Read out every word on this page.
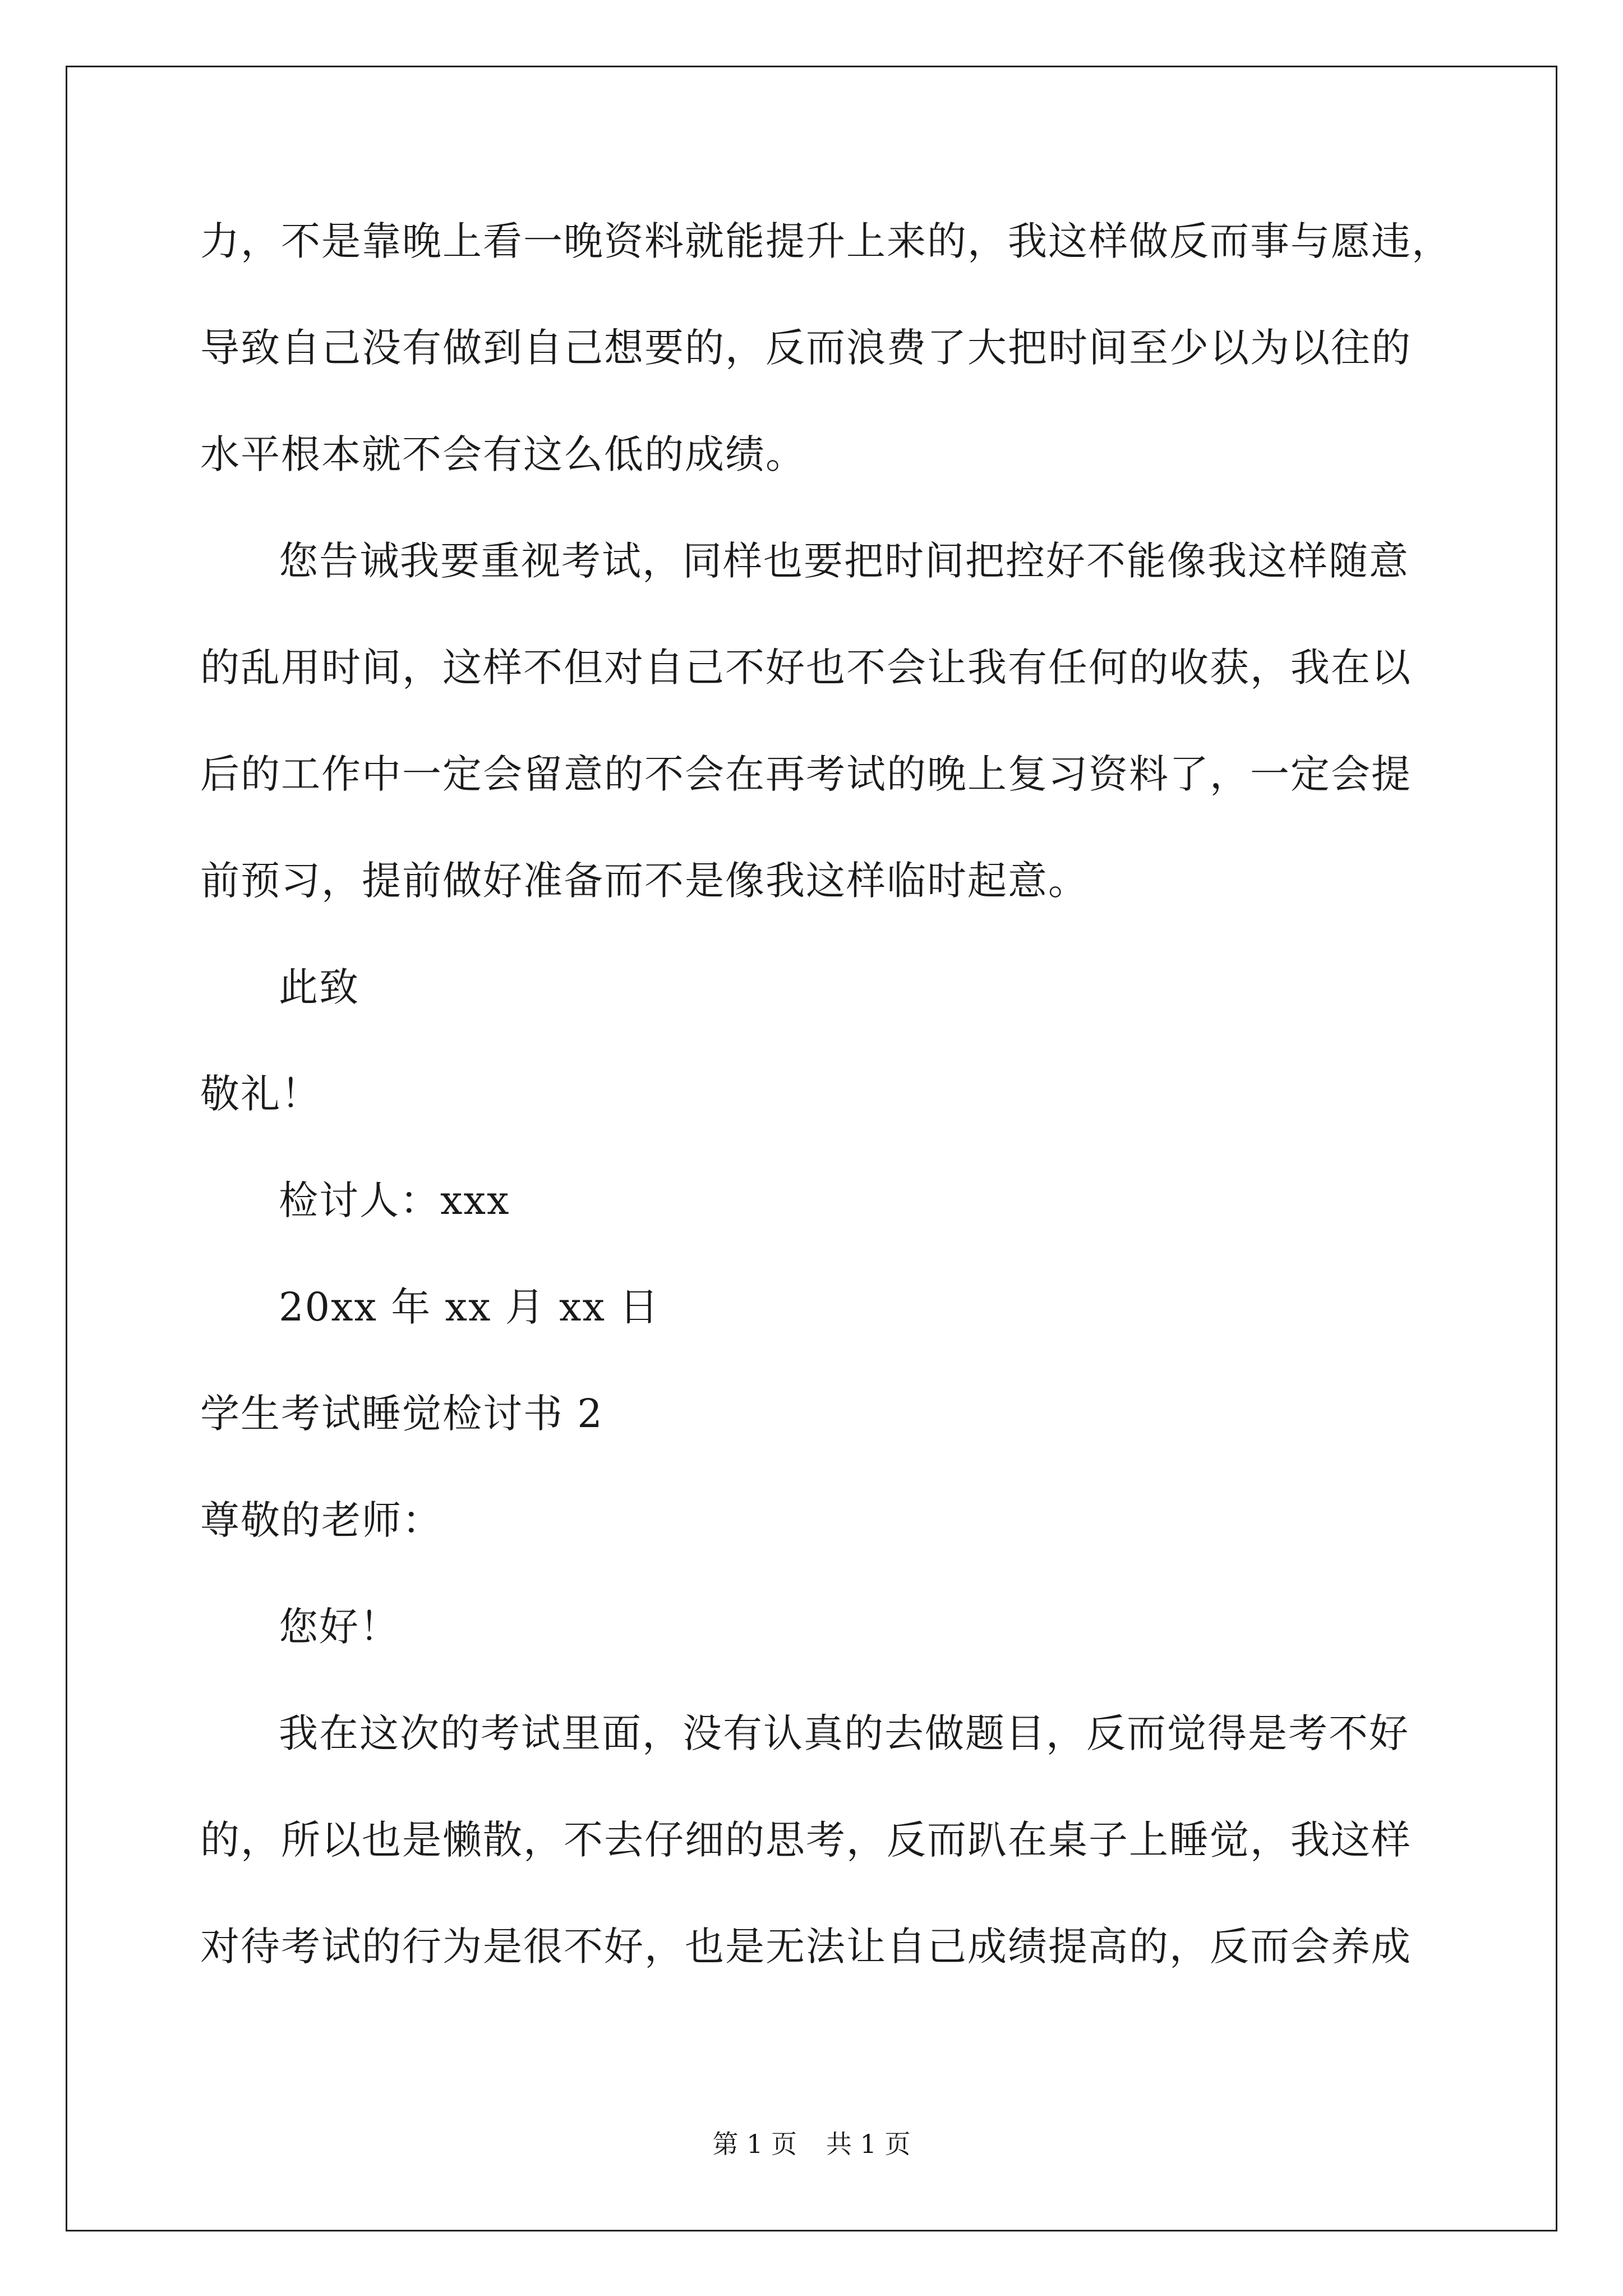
力，不是靠晚上看一晚资料就能提升上来的，我这样做反而事与愿违，
导致自己没有做到自己想要的，反而浪费了大把时间至少以为以往的
水平根本就不会有这么低的成绩。
您告诫我要重视考试，同样也要把时间把控好不能像我这样随意
的乱用时间，这样不但对自己不好也不会让我有任何的收获，我在以
后的工作中一定会留意的不会在再考试的晚上复习资料了，一定会提
前预习，提前做好准备而不是像我这样临时起意。
此致
敬礼！
检讨人：xxx
20xx 年 xx 月 xx 日
学生考试睡觉检讨书 2
尊敬的老师：
您好！
我在这次的考试里面，没有认真的去做题目，反而觉得是考不好
的，所以也是懒散，不去仔细的思考，反而趴在桌子上睡觉，我这样
对待考试的行为是很不好，也是无法让自己成绩提高的，反而会养成
第 1 页 共 1 页
